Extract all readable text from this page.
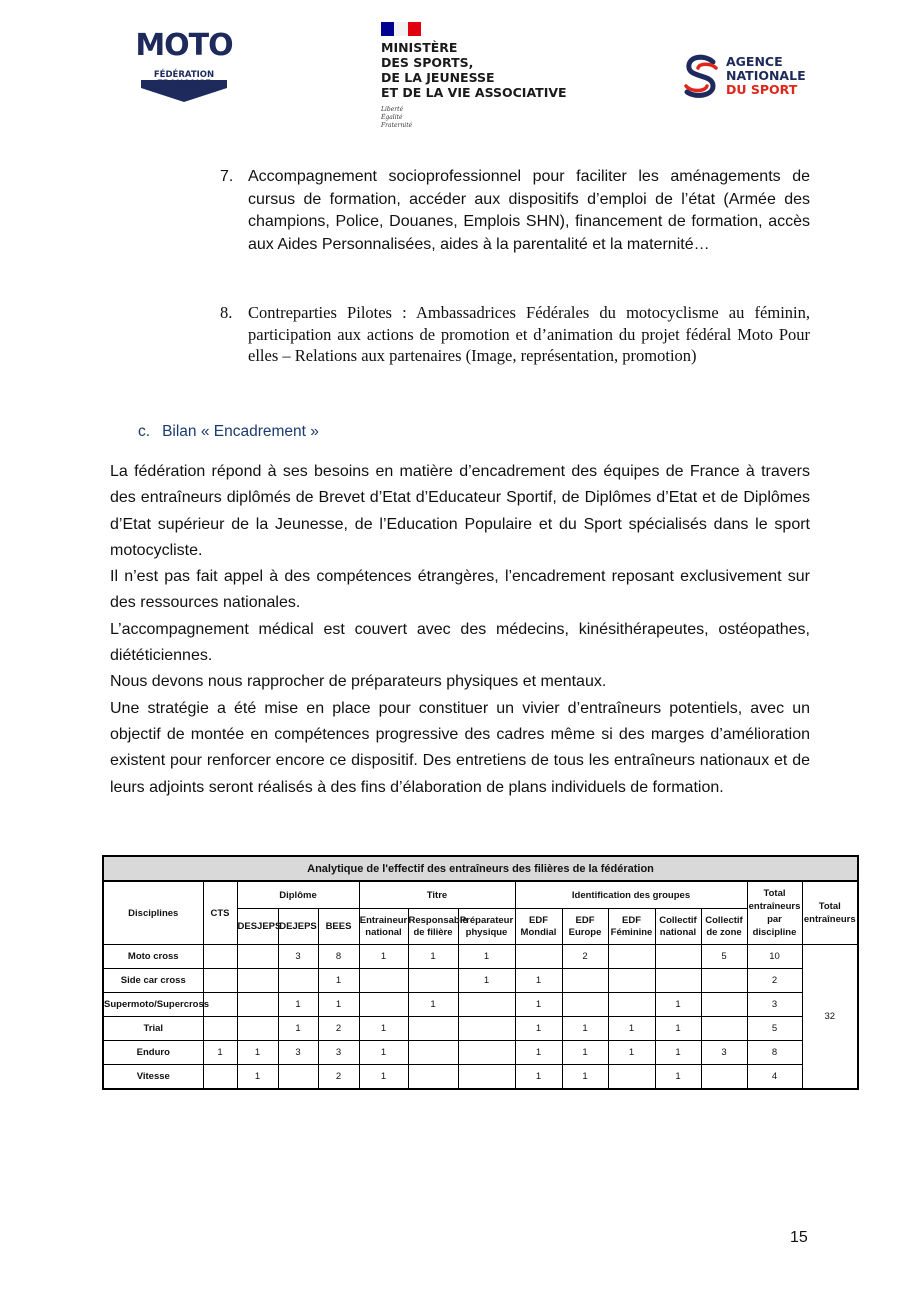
MOTO
FÉDÉRATION
FRANÇAISE
MINISTÈRE
DES SPORTS,
DE LA JEUNESSE
ET DE LA VIE ASSOCIATIVE
Liberté
Égalité
Fraternité
AGENCE
NATIONALE
DU SPORT
7. Accompagnement socioprofessionnel pour faciliter les aménagements de cursus de formation, accéder aux dispositifs d’emploi de l’état (Armée des champions, Police, Douanes, Emplois SHN), financement de formation, accès aux Aides Personnalisées, aides à la parentalité et la maternité…

8. Contreparties Pilotes : Ambassadrices Fédérales du motocyclisme au féminin, participation aux actions de promotion et d’animation du projet fédéral Moto Pour elles – Relations aux partenaires (Image, représentation, promotion)

c. Bilan « Encadrement »

La fédération répond à ses besoins en matière d’encadrement des équipes de France à travers des entraîneurs diplômés de Brevet d’Etat d’Educateur Sportif, de Diplômes d’Etat et de Diplômes d’Etat supérieur de la Jeunesse, de l’Education Populaire et du Sport spécialisés dans le sport motocycliste.

Il n’est pas fait appel à des compétences étrangères, l’encadrement reposant exclusivement sur des ressources nationales.

L’accompagnement médical est couvert avec des médecins, kinésithérapeutes, ostéopathes, diététiciennes.

Nous devons nous rapprocher de préparateurs physiques et mentaux.

Une stratégie a été mise en place pour constituer un vivier d’entraîneurs potentiels, avec un objectif de montée en compétences progressive des cadres même si des marges d’amélioration existent pour renforcer encore ce dispositif. Des entretiens de tous les entraîneurs nationaux et de leurs adjoints seront réalisés à des fins d’élaboration de plans individuels de formation.

Analytique de l'effectif des entraîneurs des filières de la fédération														
Disciplines	CTS	Diplôme			Titre			Identification des groupes					Total entraîneurs par discipline	Total entraîneurs
		DESJEPS	DEJEPS	BEES	Entraineur national	Responsable de filière	Préparateur physique	EDF Mondial	EDF Europe	EDF Féminine	Collectif national	Collectif de zone		
Moto cross			3	8	1	1	1		2			5	10	32
Side car cross				1			1	1					2	
Supermoto/Supercross			1	1		1		1			1		3	
Trial			1	2	1			1	1	1	1		5	
Enduro	1	1	3	3	1			1	1	1	1	3	8	
Vitesse		1		2	1			1	1		1		4	
15
